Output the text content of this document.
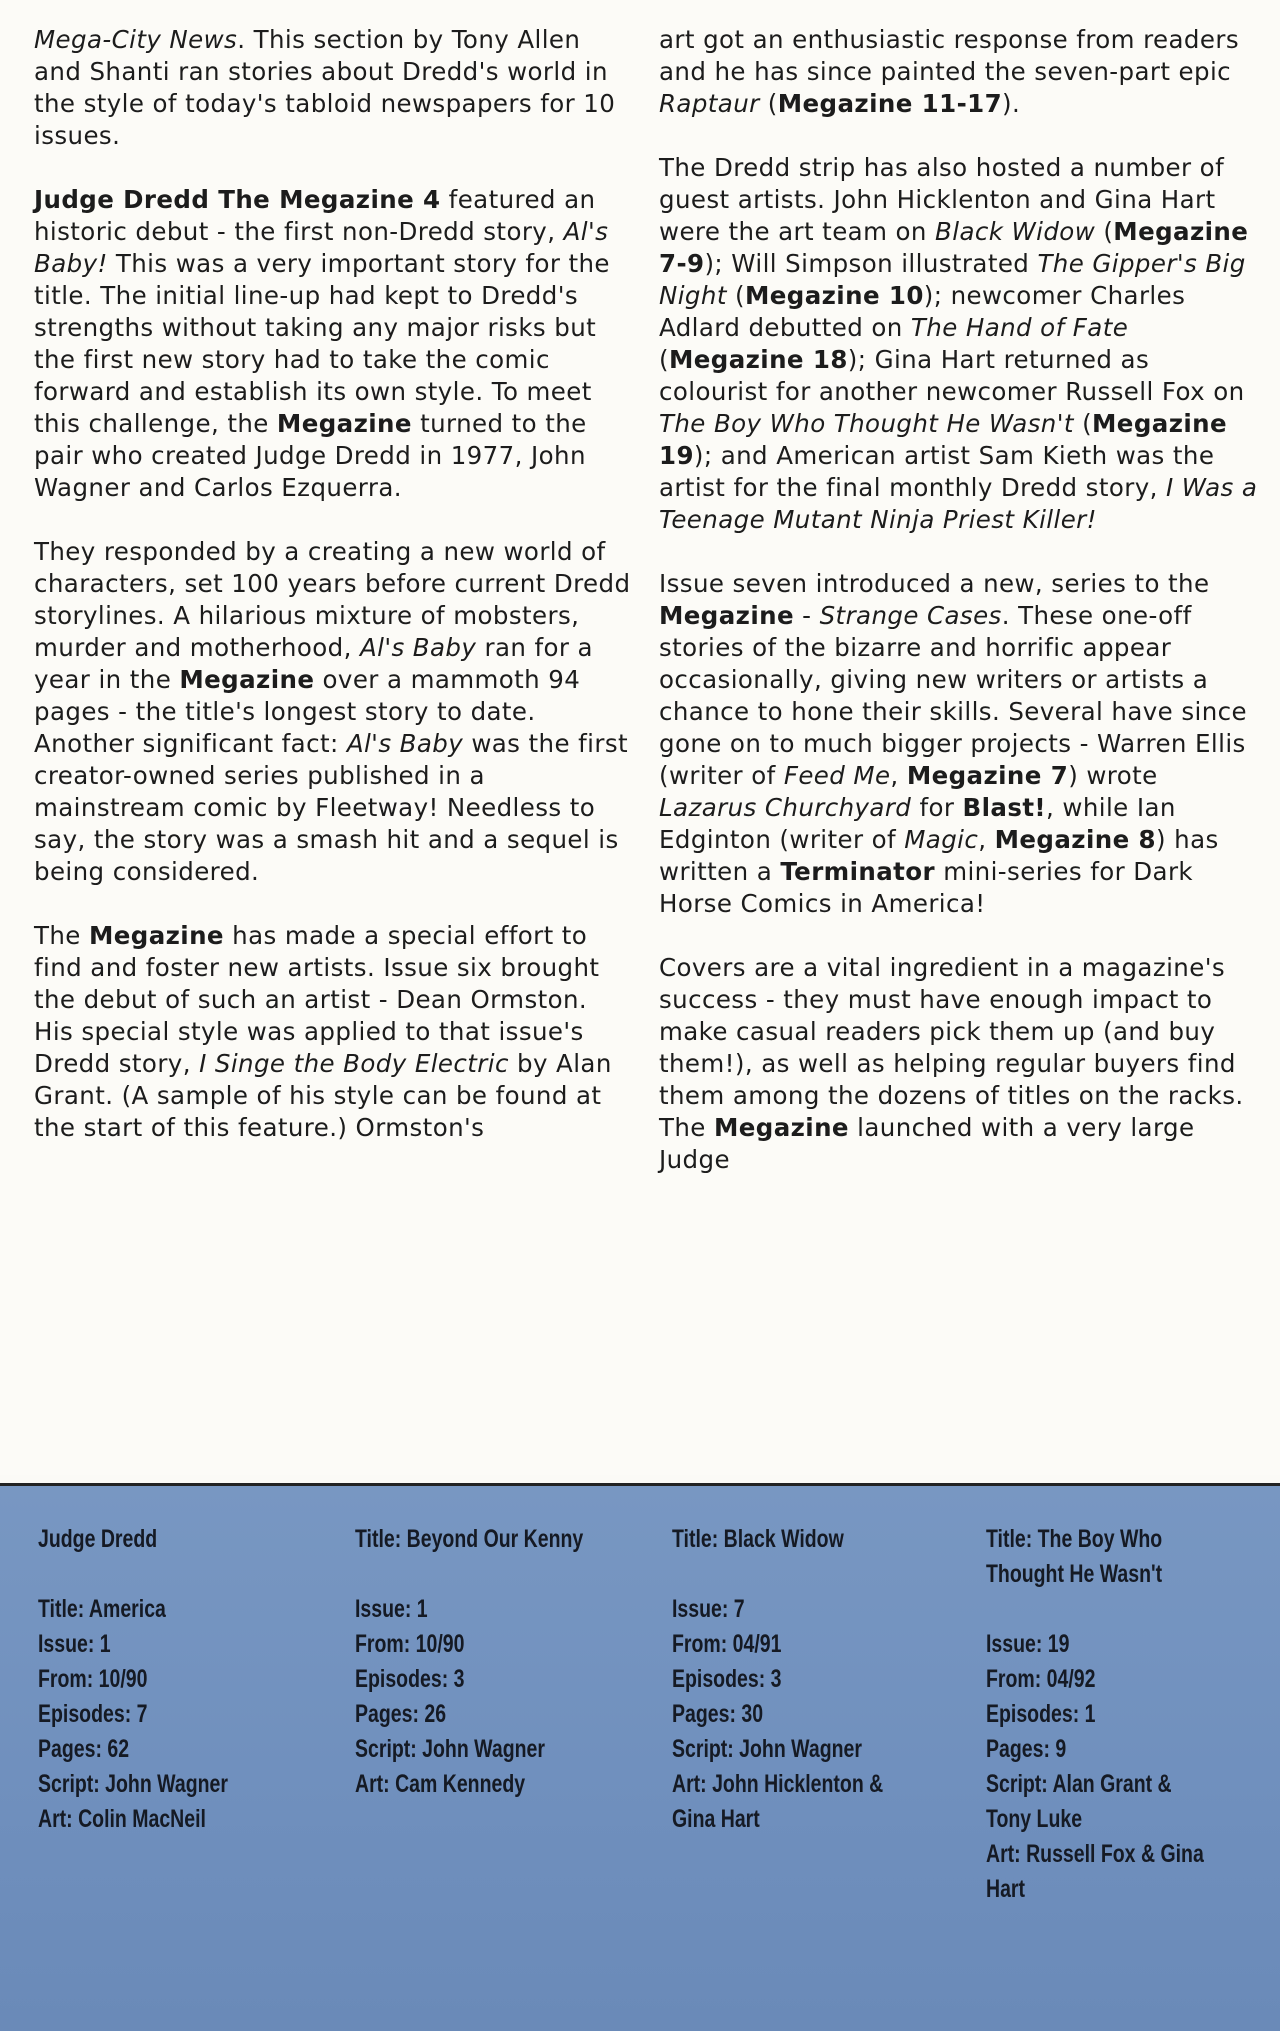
Mega-City News. This section by Tony Allen and Shanti ran stories about Dredd's world in the style of today's tabloid newspapers for 10 issues.

Judge Dredd The Megazine 4 featured an historic debut - the first non-Dredd story, Al's Baby! This was a very important story for the title. The initial line-up had kept to Dredd's strengths without taking any major risks but the first new story had to take the comic forward and establish its own style. To meet this challenge, the Megazine turned to the pair who created Judge Dredd in 1977, John Wagner and Carlos Ezquerra.

They responded by a creating a new world of characters, set 100 years before current Dredd storylines. A hilarious mixture of mobsters, murder and motherhood, Al's Baby ran for a year in the Megazine over a mammoth 94 pages - the title's longest story to date. Another significant fact: Al's Baby was the first creator-owned series published in a mainstream comic by Fleetway! Needless to say, the story was a smash hit and a sequel is being considered.

The Megazine has made a special effort to find and foster new artists. Issue six brought the debut of such an artist - Dean Ormston. His special style was applied to that issue's Dredd story, I Singe the Body Electric by Alan Grant. (A sample of his style can be found at the start of this feature.) Ormston's

art got an enthusiastic response from readers and he has since painted the seven-part epic Raptaur (Megazine 11-17).

The Dredd strip has also hosted a number of guest artists. John Hicklenton and Gina Hart were the art team on Black Widow (Megazine 7-9); Will Simpson illustrated The Gipper's Big Night (Megazine 10); newcomer Charles Adlard debutted on The Hand of Fate (Megazine 18); Gina Hart returned as colourist for another newcomer Russell Fox on The Boy Who Thought He Wasn't (Megazine 19); and American artist Sam Kieth was the artist for the final monthly Dredd story, I Was a Teenage Mutant Ninja Priest Killer!

Issue seven introduced a new, series to the Megazine - Strange Cases. These one-off stories of the bizarre and horrific appear occasionally, giving new writers or artists a chance to hone their skills. Several have since gone on to much bigger projects - Warren Ellis (writer of Feed Me, Megazine 7) wrote Lazarus Churchyard for Blast!, while Ian Edginton (writer of Magic, Megazine 8) has written a Terminator mini-series for Dark Horse Comics in America!

Covers are a vital ingredient in a magazine's success - they must have enough impact to make casual readers pick them up (and buy them!), as well as helping regular buyers find them among the dozens of titles on the racks. The Megazine launched with a very large Judge

Judge Dredd
Title: America
Issue: 1
From: 10/90
Episodes: 7
Pages: 62
Script: John Wagner
Art: Colin MacNeil
Title: Beyond Our Kenny
Issue: 1
From: 10/90
Episodes: 3
Pages: 26
Script: John Wagner
Art: Cam Kennedy
Title: Black Widow
Issue: 7
From: 04/91
Episodes: 3
Pages: 30
Script: John Wagner
Art: John Hicklenton &
Gina Hart
Title: The Boy Who
Thought He Wasn't
Issue: 19
From: 04/92
Episodes: 1
Pages: 9
Script: Alan Grant &
Tony Luke
Art: Russell Fox & Gina
Hart
